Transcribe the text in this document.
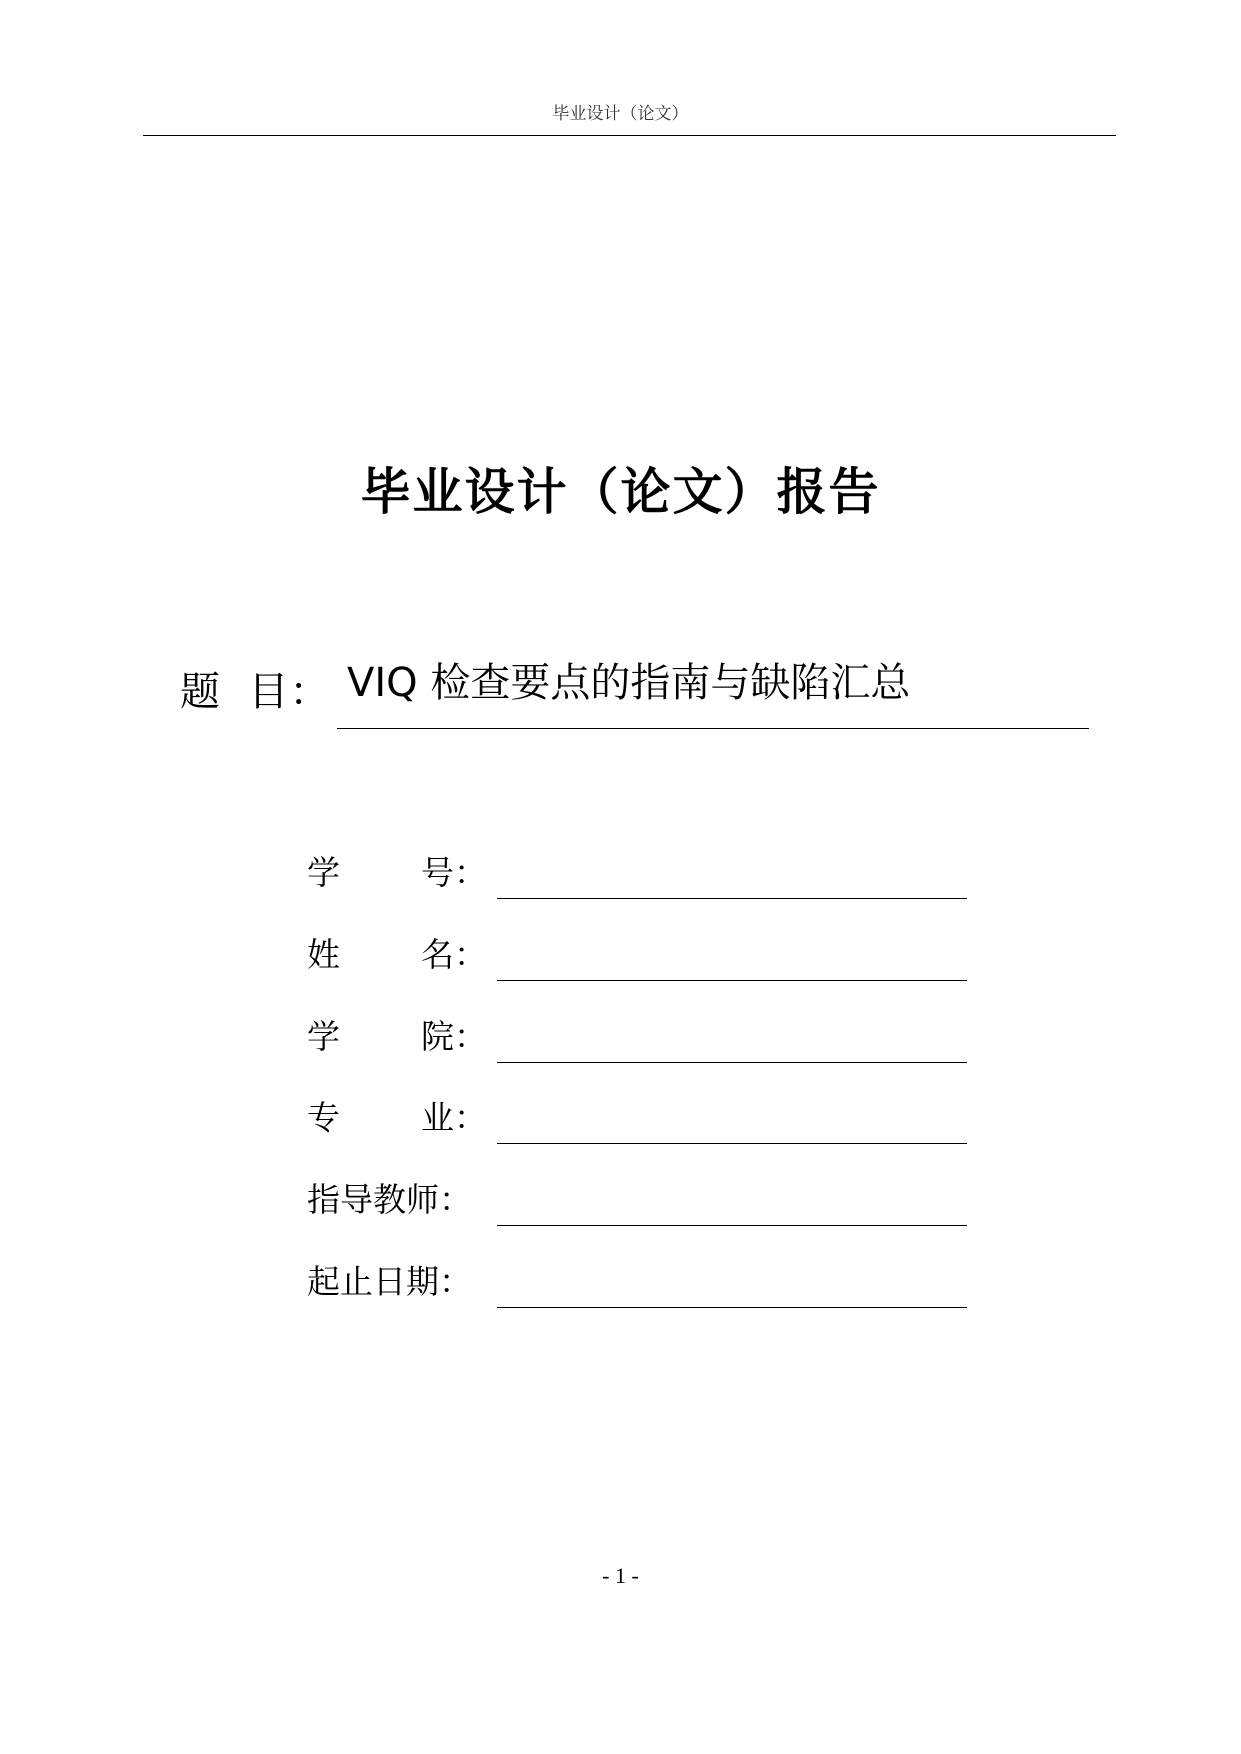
毕业设计（论文）
毕业设计（论文）报告
题  目： VIQ 检查要点的指南与缺陷汇总
学 号：
姓 名：
学 院：
专 业：
指导教师：
起止日期：
- 1 -
